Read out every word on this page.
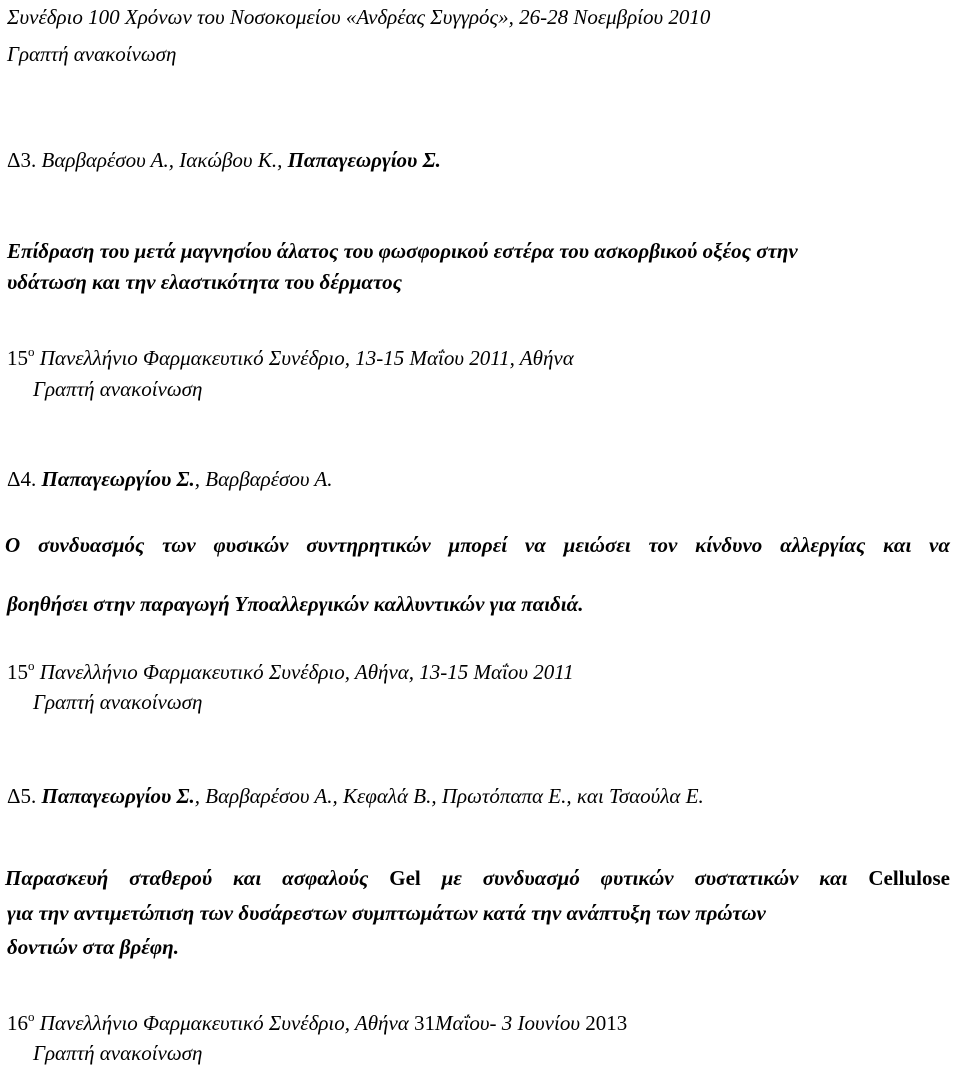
Συνέδριο 100 Χρόνων του Νοσοκομείου «Ανδρέας Συγγρός», 26-28 Νοεμβρίου 2010
Γραπτή ανακοίνωση
Δ3. Βαρβαρέσου Α., Ιακώβου Κ., Παπαγεωργίου Σ.
Επίδραση του μετά μαγνησίου άλατος του φωσφορικού εστέρα του ασκορβικού οξέος στην
υδάτωση και την ελαστικότητα του δέρματος
$15^o$ Πανελλήνιο Φαρμακευτικό Συνέδριο, 13-15 Μαΐου 2011, Αθήνα
Γραπτή ανακοίνωση
Δ4. Παπαγεωργίου Σ., Βαρβαρέσου Α.
Ο συνδυασμός των φυσικών συντηρητικών μπορεί να μειώσει τον κίνδυνο αλλεργίας και να
βοηθήσει στην παραγωγή Υποαλλεργικών καλλυντικών για παιδιά.
$15^o$ Πανελλήνιο Φαρμακευτικό Συνέδριο, Αθήνα, 13-15 Μαΐου 2011
Γραπτή ανακοίνωση
Δ5. Παπαγεωργίου Σ., Βαρβαρέσου Α., Κεφαλά Β., Πρωτόπαπα Ε., και Τσαούλα Ε.
Παρασκευή σταθερού και ασφαλούς Gel με συνδυασμό φυτικών συστατικών και Cellulose
για την αντιμετώπιση των δυσάρεστων συμπτωμάτων κατά την ανάπτυξη των πρώτων
δοντιών στα βρέφη.
$16^o$ Πανελλήνιο Φαρμακευτικό Συνέδριο, Αθήνα 31Μαΐου- 3 Ιουνίου 2013
Γραπτή ανακοίνωση
